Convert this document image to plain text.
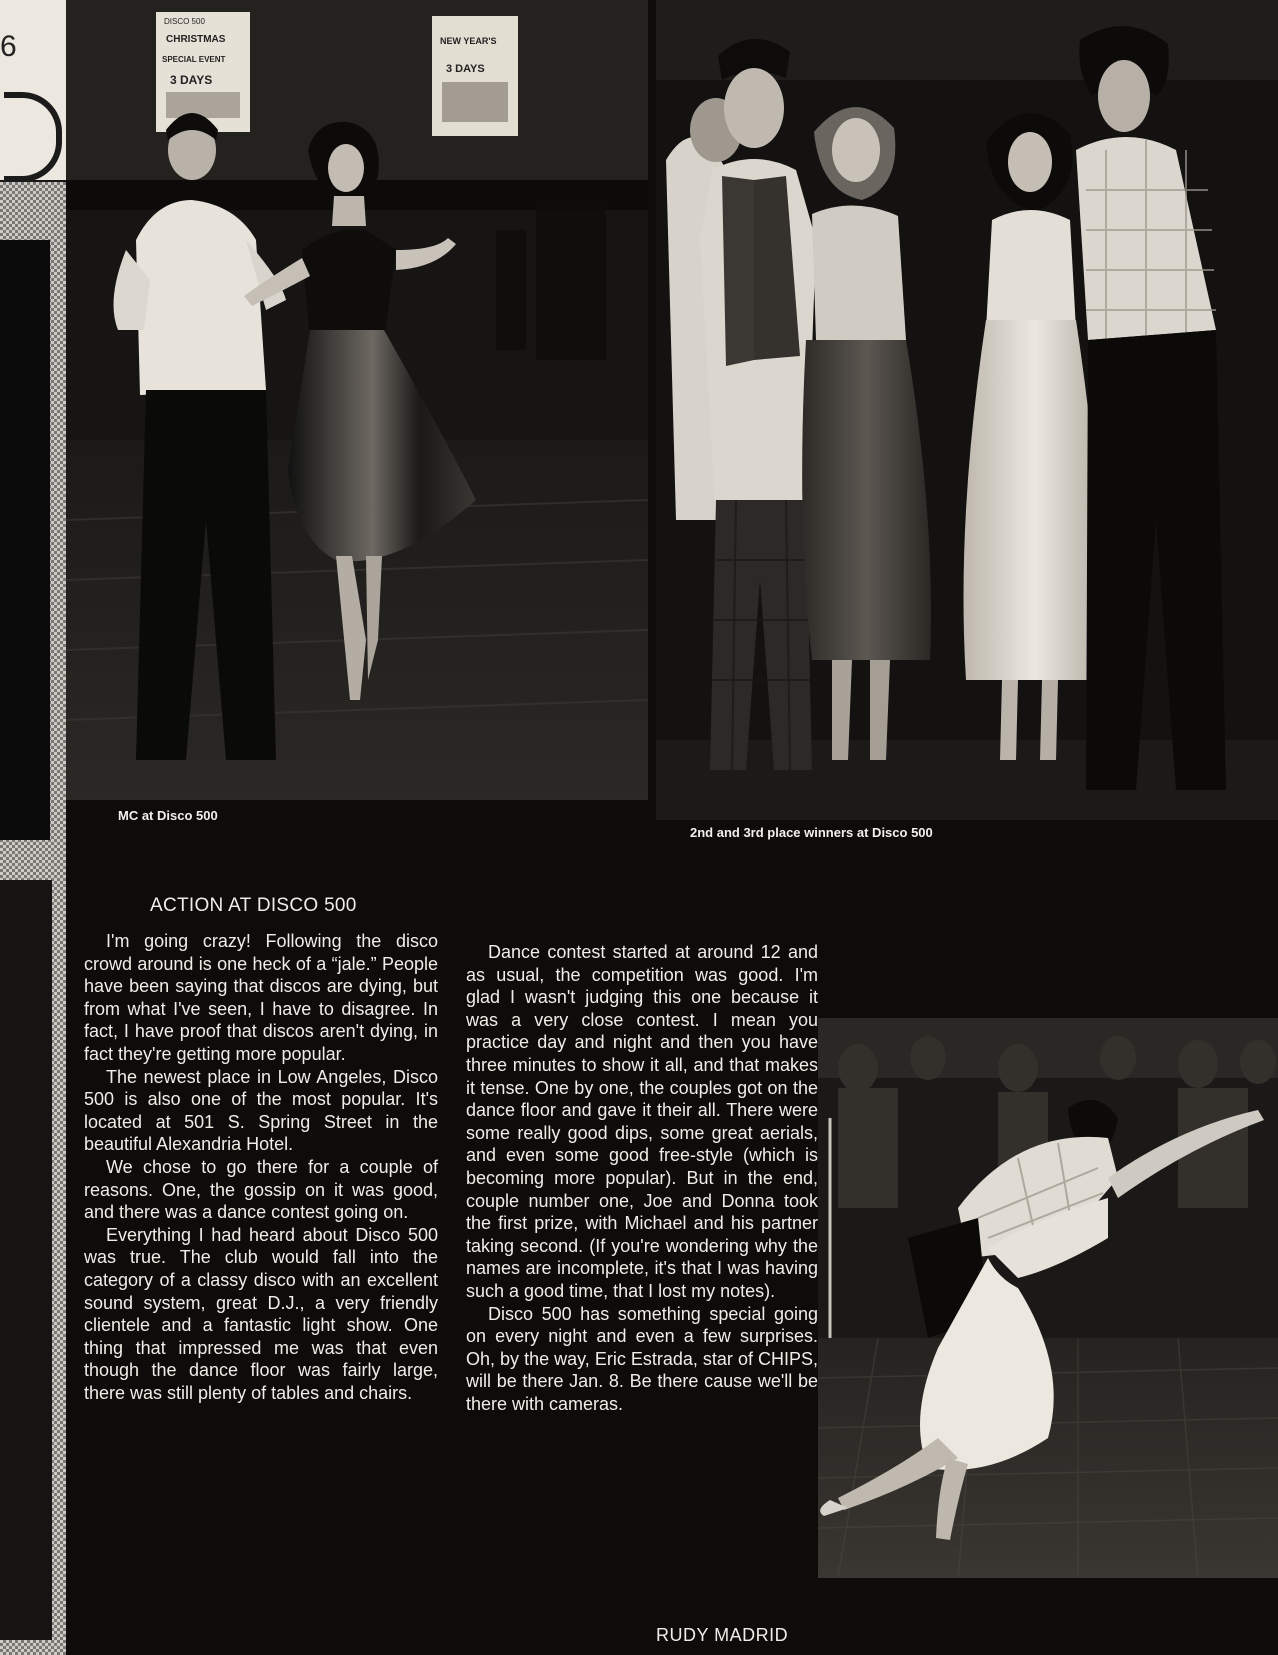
6
DISCO 500
CHRISTMAS
SPECIAL EVENT
3 DAYS
NEW YEAR'S
3 DAYS
MC at Disco 500
2nd and 3rd place winners at Disco 500
ACTION AT DISCO 500

I'm going crazy! Following the disco crowd around is one heck of a “jale.” People have been saying that discos are dying, but from what I've seen, I have to disagree. In fact, I have proof that discos aren't dying, in fact they're getting more popular.

The newest place in Low Angeles, Disco 500 is also one of the most popular. It's located at 501 S. Spring Street in the beautiful Alexandria Hotel.

We chose to go there for a couple of reasons. One, the gossip on it was good, and there was a dance contest going on.

Everything I had heard about Disco 500 was true. The club would fall into the category of a classy disco with an excellent sound system, great D.J., a very friendly clientele and a fantastic light show. One thing that impressed me was that even though the dance floor was fairly large, there was still plenty of tables and chairs.

Dance contest started at around 12 and as usual, the competition was good. I'm glad I wasn't judging this one because it was a very close contest. I mean you practice day and night and then you have three minutes to show it all, and that makes it tense. One by one, the couples got on the dance floor and gave it their all. There were some really good dips, some great aerials, and even some good free-style (which is becoming more popular). But in the end, couple number one, Joe and Donna took the first prize, with Michael and his partner taking second. (If you're wondering why the names are incomplete, it's that I was having such a good time, that I lost my notes).

Disco 500 has something special going on every night and even a few surprises. Oh, by the way, Eric Estrada, star of CHIPS, will be there Jan. 8. Be there cause we'll be there with cameras.

RUDY MADRID
